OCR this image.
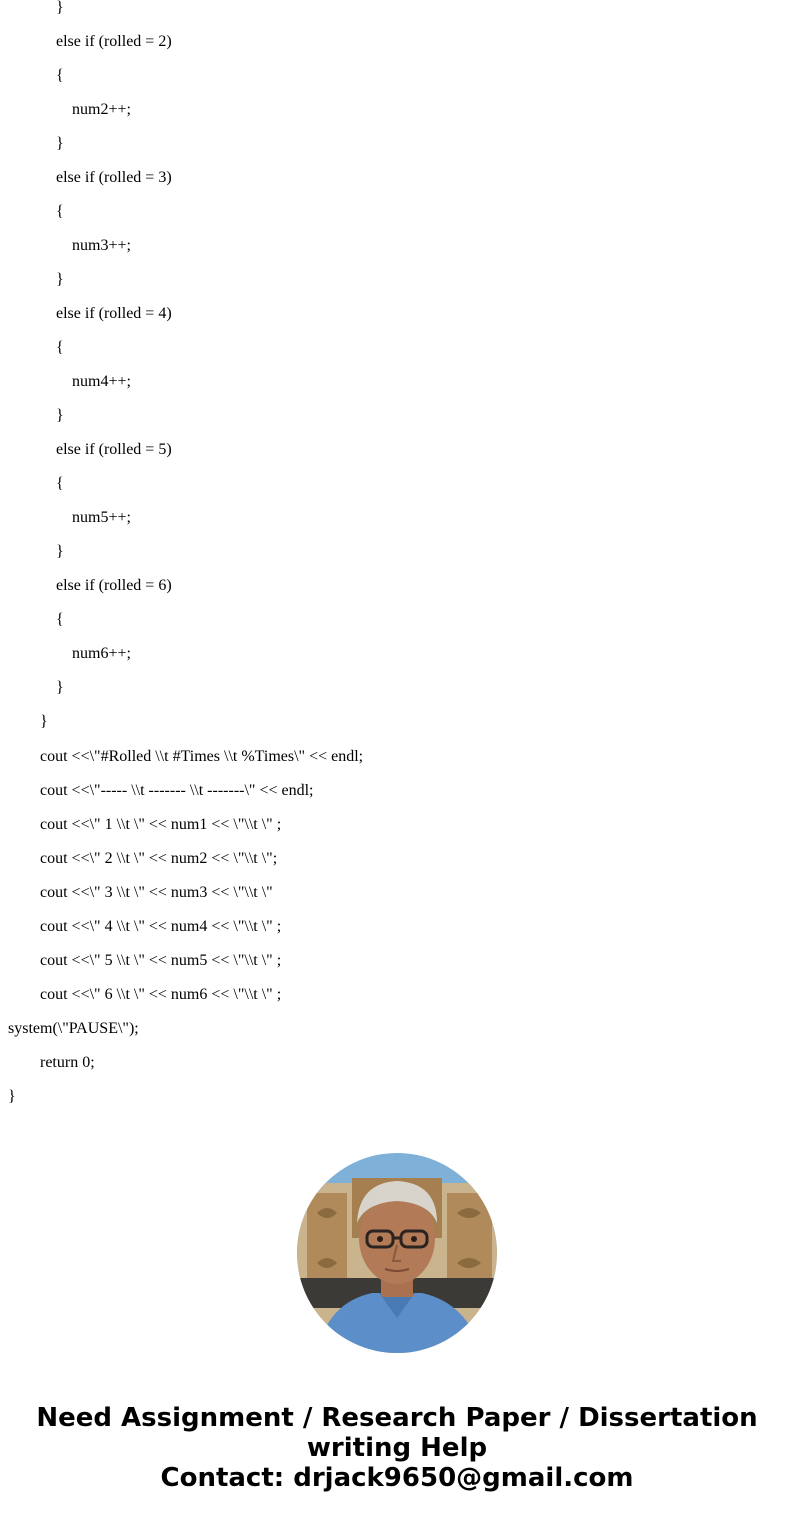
}
else if (rolled = 2)
{
num2++;
}
else if (rolled = 3)
{
num3++;
}
else if (rolled = 4)
{
num4++;
}
else if (rolled = 5)
{
num5++;
}
else if (rolled = 6)
{
num6++;
}
}
cout <<\"#Rolled \\t #Times \\t %Times\" << endl;
cout <<\"----- \\t ------- \\t -------\" << endl;
cout <<\" 1 \\t \" << num1 << \"\\t \" ;
cout <<\" 2 \\t \" << num2 << \"\\t \";
cout <<\" 3 \\t \" << num3 << \"\\t \"
cout <<\" 4 \\t \" << num4 << \"\\t \" ;
cout <<\" 5 \\t \" << num5 << \"\\t \" ;
cout <<\" 6 \\t \" << num6 << \"\\t \" ;
system(\"PAUSE\");
return 0;
}
Need Assignment / Research Paper / Dissertation
writing Help
Contact: drjack9650@gmail.com
